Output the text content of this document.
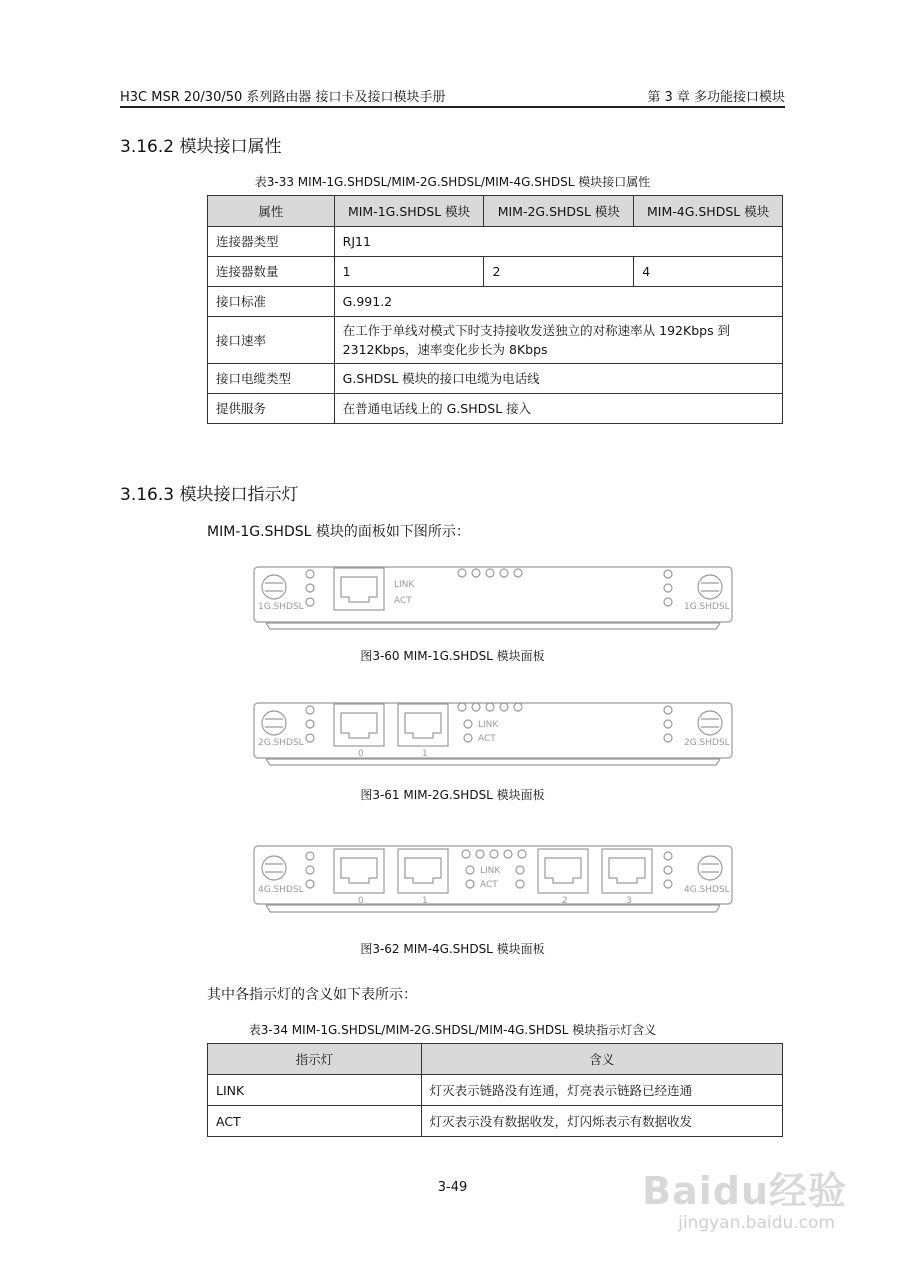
H3C MSR 20/30/50 系列路由器 接口卡及接口模块手册	第 3 章 多功能接口模块
3.16.2 模块接口属性
表3-33 MIM-1G.SHDSL/MIM-2G.SHDSL/MIM-4G.SHDSL 模块接口属性
属性	MIM-1G.SHDSL 模块	MIM-2G.SHDSL 模块	MIM-4G.SHDSL 模块
连接器类型	RJ11		
连接器数量	1	2	4
接口标准	G.991.2		
接口速率	在工作于单线对模式下时支持接收发送独立的对称速率从 192Kbps 到
2312Kbps，速率变化步长为 8Kbps		

接口电缆类型	G.SHDSL 模块的接口电缆为电话线		
提供服务	在普通电话线上的 G.SHDSL 接入		
3.16.3 模块接口指示灯
MIM-1G.SHDSL 模块的面板如下图所示：
1G.SHDSL	1G.SHDSL
LINK
ACT
图3-60 MIM-1G.SHDSL 模块面板
2G.SHDSL	2G.SHDSL
LINK
ACT
0	1
图3-61 MIM-2G.SHDSL 模块面板
4G.SHDSL	4G.SHDSL
LINK
ACT
0	1	2	3
图3-62 MIM-4G.SHDSL 模块面板
其中各指示灯的含义如下表所示：
表3-34 MIM-1G.SHDSL/MIM-2G.SHDSL/MIM-4G.SHDSL 模块指示灯含义
指示灯	含义
LINK	灯灭表示链路没有连通，灯亮表示链路已经连通
ACT	灯灭表示没有数据收发，灯闪烁表示有数据收发
3-49	Baidu经验
jingyan.baidu.com
